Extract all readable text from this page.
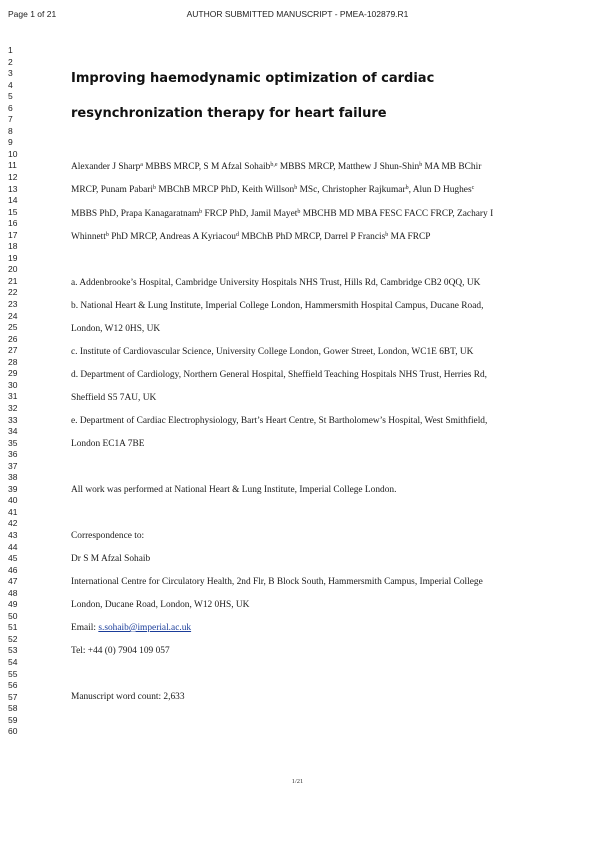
Page 1 of 21	AUTHOR SUBMITTED MANUSCRIPT - PMEA-102879.R1
1
2
3
4
5
6
7
8
9
10
11
12
13
14
15
16
17
18
19
20
21
22
23
24
25
26
27
28
29
30
31
32
33
34
35
36
37
38
39
40
41
42
43
44
45
46
47
48
49
50
51
52
53
54
55
56
57
58
59
60
Improving haemodynamic optimization of cardiac
resynchronization therapy for heart failure
Alexander J Sharp$^a$ MBBS MRCP, S M Afzal Sohaib$^{b,e}$ MBBS MRCP, Matthew J Shun-Shin$^b$ MA MB BChir
MRCP, Punam Pabari$^b$ MBChB MRCP PhD, Keith Willson$^b$ MSc, Christopher Rajkumar$^b$, Alun D Hughes$^c$
MBBS PhD, Prapa Kanagaratnam$^b$ FRCP PhD, Jamil Mayet$^b$ MBCHB MD MBA FESC FACC FRCP, Zachary I
Whinnett$^b$ PhD MRCP, Andreas A Kyriacou$^d$ MBChB PhD MRCP, Darrel P Francis$^b$ MA FRCP
a. Addenbrooke’s Hospital, Cambridge University Hospitals NHS Trust, Hills Rd, Cambridge CB2 0QQ, UK
b. National Heart & Lung Institute, Imperial College London, Hammersmith Hospital Campus, Ducane Road,
London, W12 0HS, UK
c. Institute of Cardiovascular Science, University College London, Gower Street, London, WC1E 6BT, UK
d. Department of Cardiology, Northern General Hospital, Sheffield Teaching Hospitals NHS Trust, Herries Rd,
Sheffield S5 7AU, UK
e. Department of Cardiac Electrophysiology, Bart’s Heart Centre, St Bartholomew’s Hospital, West Smithfield,
London EC1A 7BE
All work was performed at National Heart & Lung Institute, Imperial College London.
Correspondence to:
Dr S M Afzal Sohaib
International Centre for Circulatory Health, 2nd Flr, B Block South, Hammersmith Campus, Imperial College
London, Ducane Road, London, W12 0HS, UK
Email: s.sohaib@imperial.ac.uk
Tel: +44 (0) 7904 109 057
Manuscript word count: 2,633
1/21
